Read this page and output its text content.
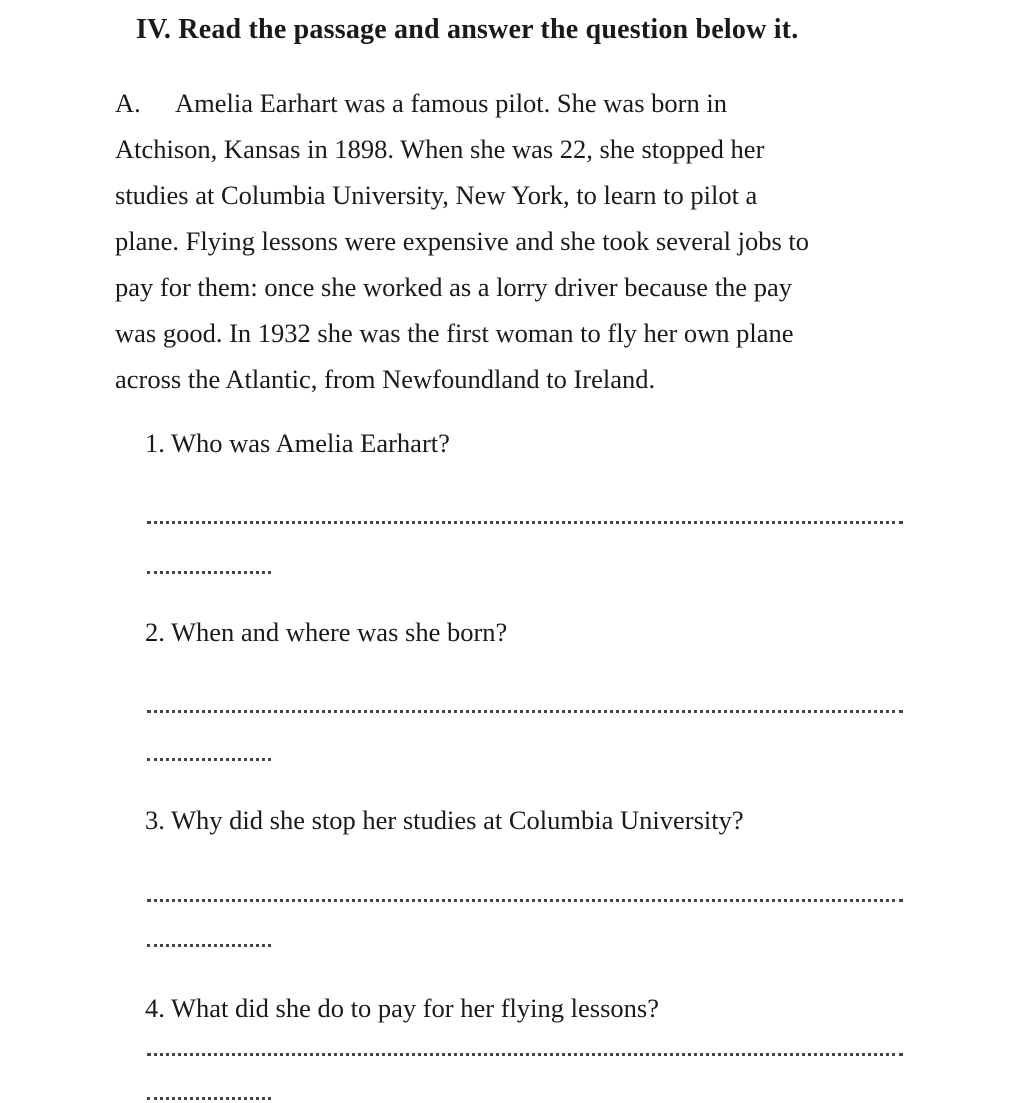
IV. Read the passage and answer the question below it.
A. Amelia Earhart was a famous pilot. She was born in
Atchison, Kansas in 1898. When she was 22, she stopped her
studies at Columbia University, New York, to learn to pilot a
plane. Flying lessons were expensive and she took several jobs to
pay for them: once she worked as a lorry driver because the pay
was good. In 1932 she was the first woman to fly her own plane
across the Atlantic, from Newfoundland to Ireland.
1. Who was Amelia Earhart?
2. When and where was she born?
3. Why did she stop her studies at Columbia University?
4. What did she do to pay for her flying lessons?
